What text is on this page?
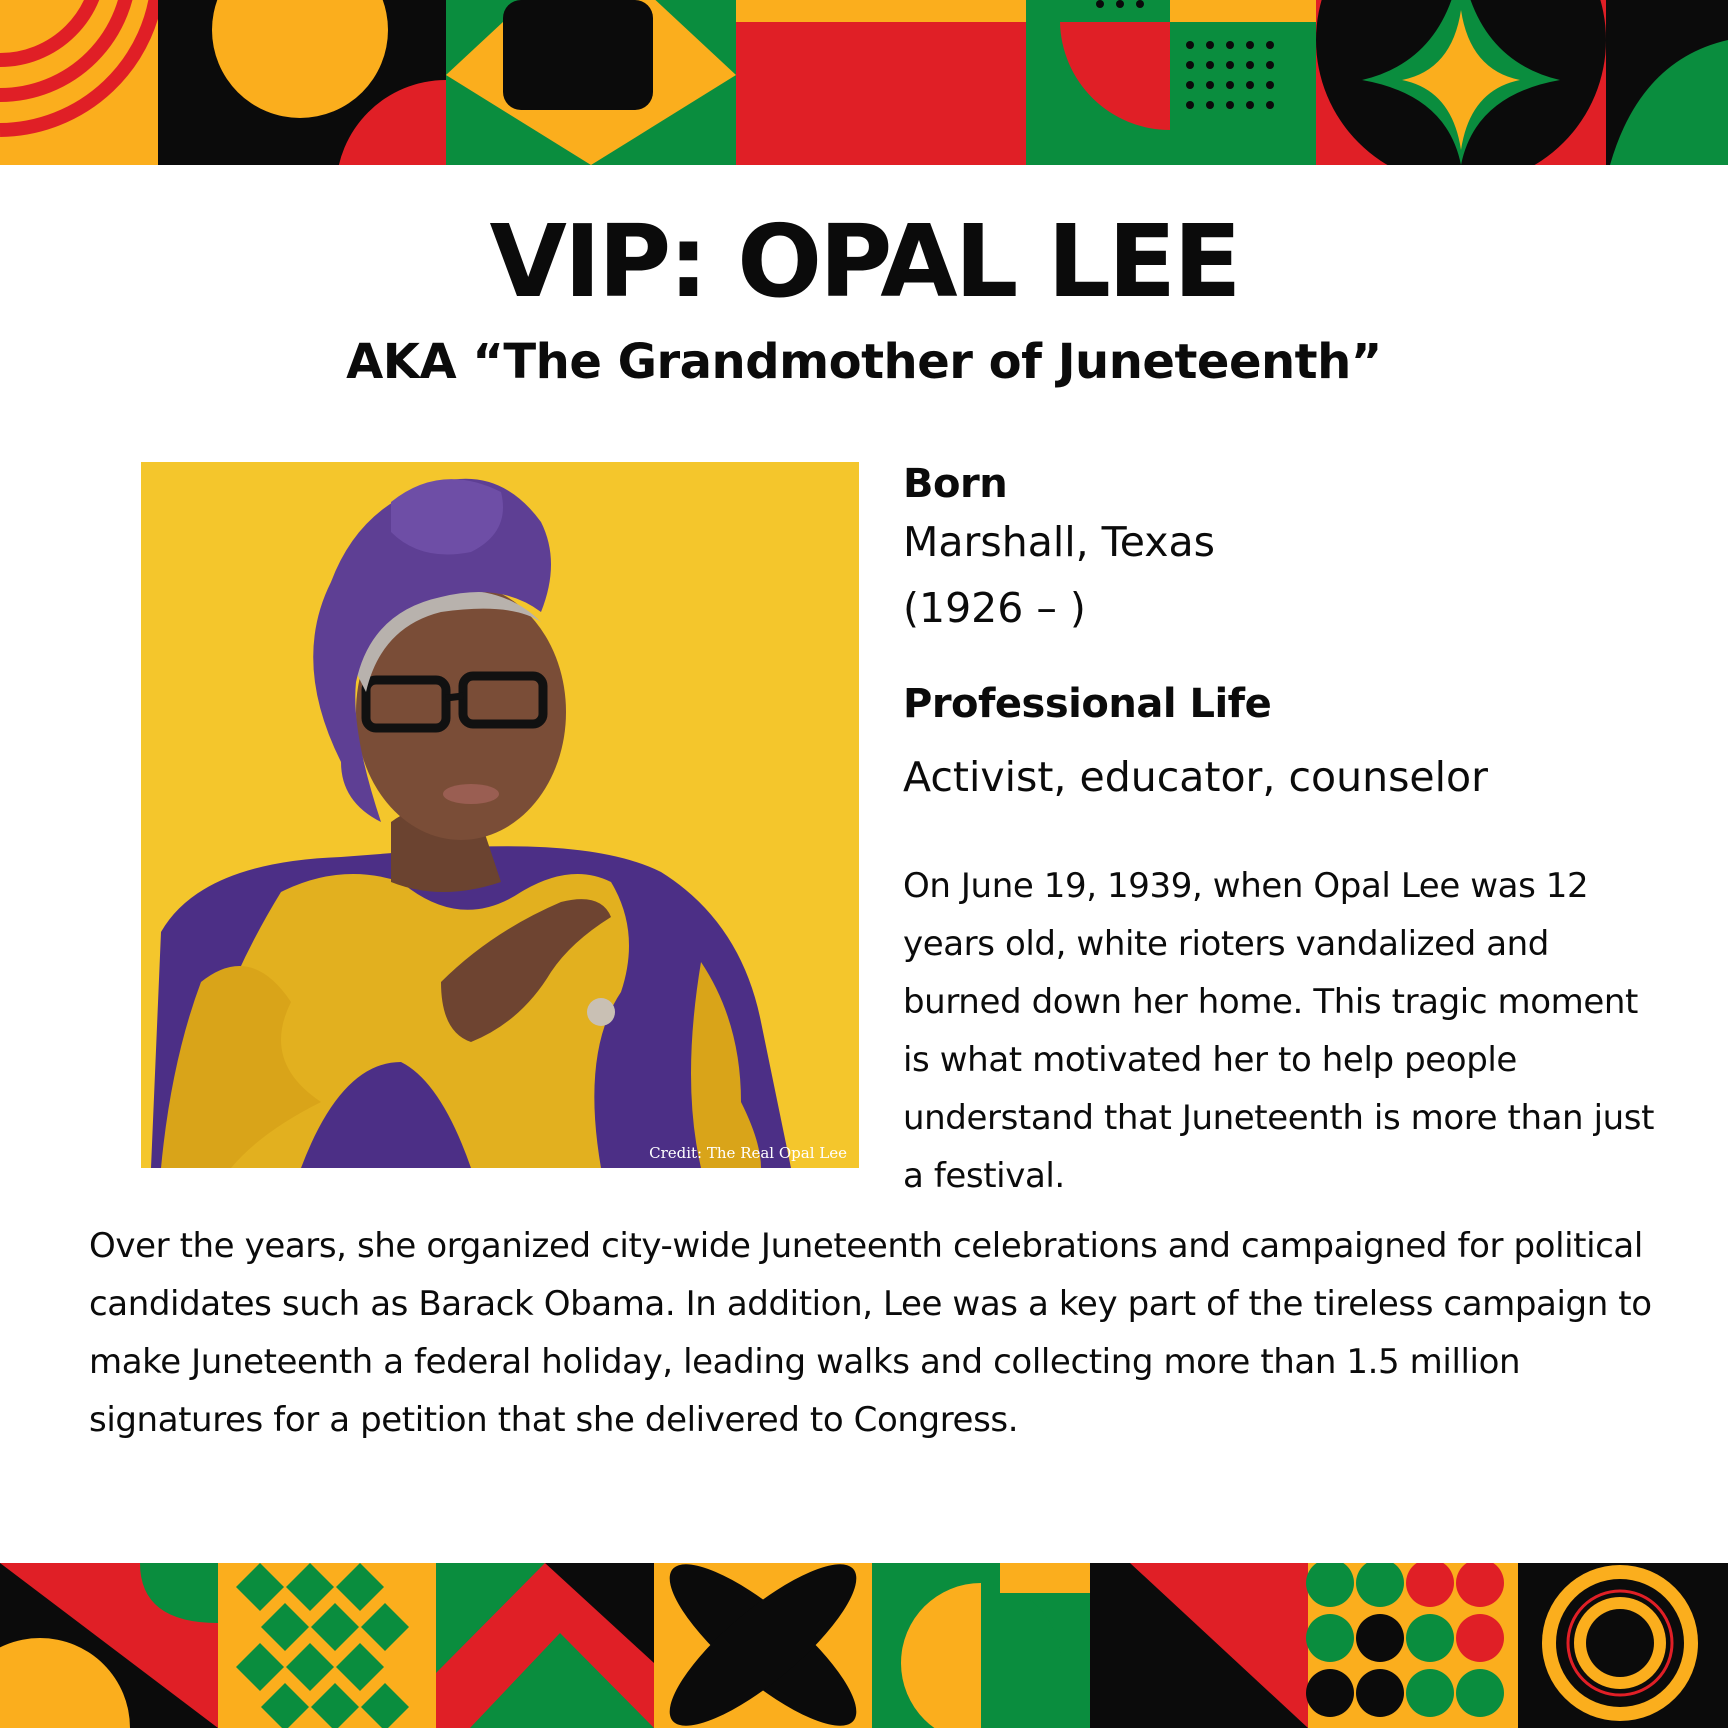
VIP: OPAL LEE
AKA “The Grandmother of Juneteenth”
Credit: The Real Opal Lee
Born
Marshall, Texas
(1926 – )
Professional Life
Activist, educator, counselor
On June 19, 1939, when Opal Lee was 12 years old, white rioters vandalized and burned down her home. This tragic moment is what motivated her to help people understand that Juneteenth is more than just a festival.
Over the years, she organized city-wide Juneteenth celebrations and campaigned for political candidates such as Barack Obama. In addition, Lee was a key part of the tireless campaign to make Juneteenth a federal holiday, leading walks and collecting more than 1.5 million signatures for a petition that she delivered to Congress.
